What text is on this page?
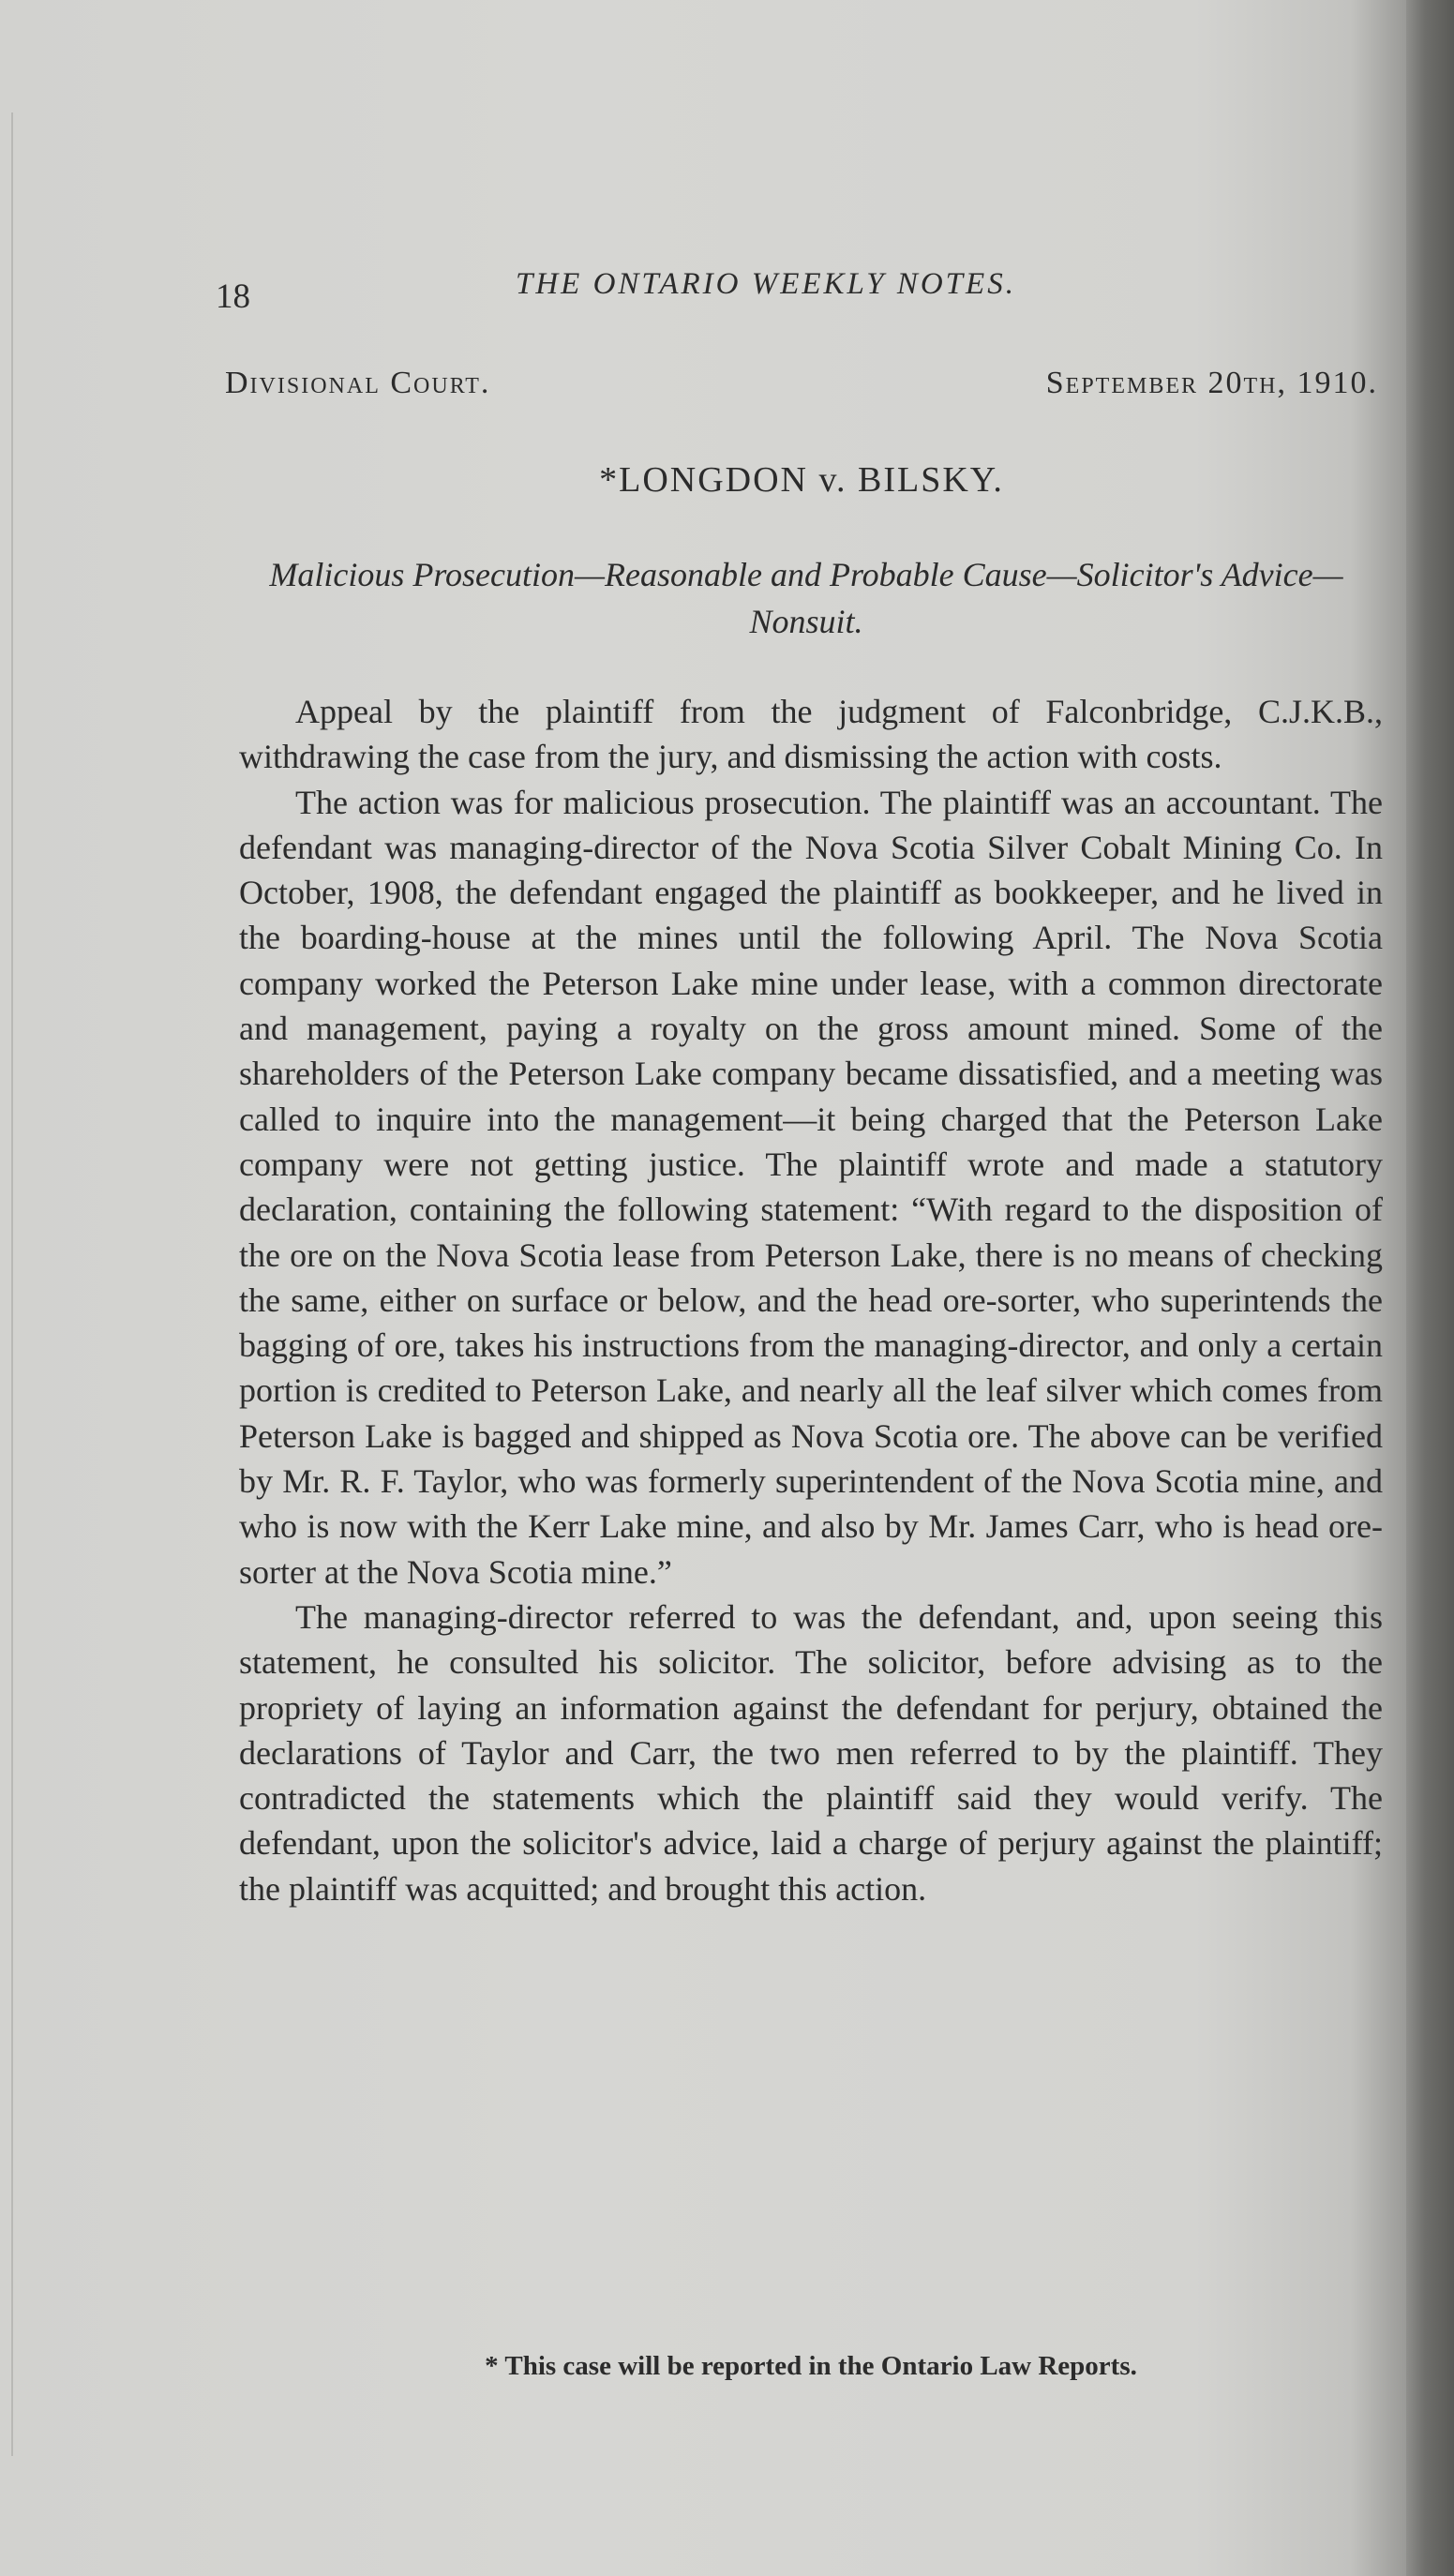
18	THE ONTARIO WEEKLY NOTES.
Divisional Court.	September 20th, 1910.
*LONGDON v. BILSKY.
Malicious Prosecution—Reasonable and Probable Cause—Solicitor's Advice—Nonsuit.

Appeal by the plaintiff from the judgment of Falconbridge, C.J.K.B., withdrawing the case from the jury, and dismissing the action with costs.

The action was for malicious prosecution. The plaintiff was an accountant. The defendant was managing-director of the Nova Scotia Silver Cobalt Mining Co. In October, 1908, the defendant engaged the plaintiff as bookkeeper, and he lived in the boarding-house at the mines until the following April. The Nova Scotia company worked the Peterson Lake mine under lease, with a common directorate and management, paying a royalty on the gross amount mined. Some of the shareholders of the Peterson Lake company became dissatisfied, and a meeting was called to inquire into the management—it being charged that the Peterson Lake company were not getting justice. The plaintiff wrote and made a statutory declaration, containing the following statement: “With regard to the disposition of the ore on the Nova Scotia lease from Peterson Lake, there is no means of checking the same, either on surface or below, and the head ore-sorter, who superintends the bagging of ore, takes his instructions from the managing-director, and only a certain portion is credited to Peterson Lake, and nearly all the leaf silver which comes from Peterson Lake is bagged and shipped as Nova Scotia ore. The above can be verified by Mr. R. F. Taylor, who was formerly superintendent of the Nova Scotia mine, and who is now with the Kerr Lake mine, and also by Mr. James Carr, who is head ore-sorter at the Nova Scotia mine.”

The managing-director referred to was the defendant, and, upon seeing this statement, he consulted his solicitor. The solicitor, before advising as to the propriety of laying an information against the defendant for perjury, obtained the declarations of Taylor and Carr, the two men referred to by the plaintiff. They contradicted the statements which the plaintiff said they would verify. The defendant, upon the solicitor's advice, laid a charge of perjury against the plaintiff; the plaintiff was acquitted; and brought this action.

* This case will be reported in the Ontario Law Reports.
